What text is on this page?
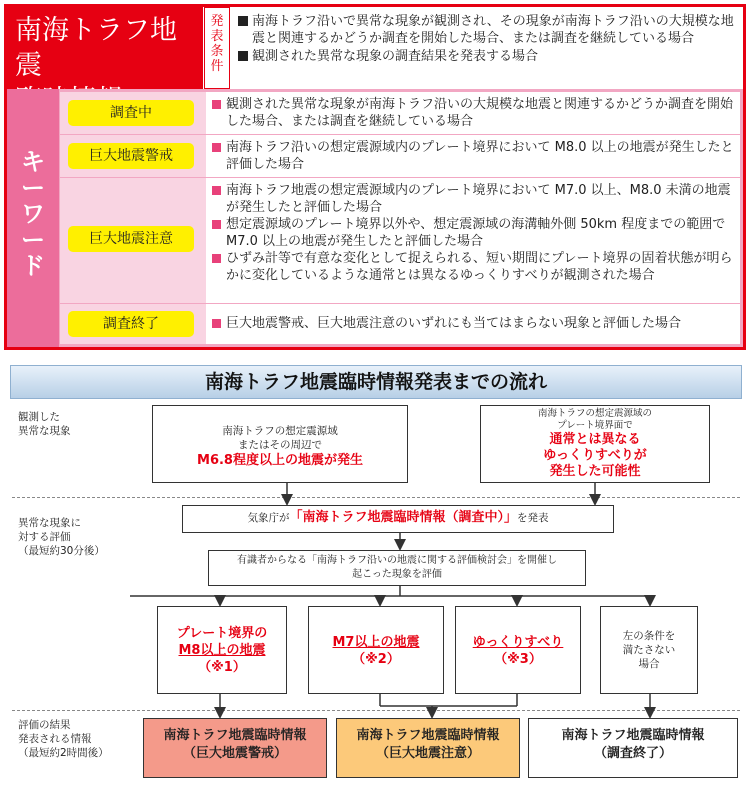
南海トラフ地震
発
表
条
件
南海トラフ沿いで異常な現象が観測され、その現象が南海トラフ沿いの大規模な地震と関連するかどうか調査を開始した場合、または調査を継続している場合
観測された異常な現象の調査結果を発表する場合
キ
ー
ワ
ー
ド
調査中
観測された異常な現象が南海トラフ沿いの大規模な地震と関連するかどうか調査を開始した場合、または調査を継続している場合
巨大地震警戒
南海トラフ沿いの想定震源域内のプレート境界において M8.0 以上の地震が発生したと評価した場合
巨大地震注意
南海トラフ地震の想定震源域内のプレート境界において M7.0 以上、M8.0 未満の地震が発生したと評価した場合
想定震源域のプレート境界以外や、想定震源域の海溝軸外側 50km 程度までの範囲で M7.0 以上の地震が発生したと評価した場合
ひずみ計等で有意な変化として捉えられる、短い期間にプレート境界の固着状態が明らかに変化しているような通常とは異なるゆっくりすべりが観測された場合
調査終了	巨大地震警戒、巨大地震注意のいずれにも当てはまらない現象と評価した場合
南海トラフ地震臨時情報発表までの流れ
観測した
異常な現象
異常な現象に
対する評価
（最短約30分後）
評価の結果
発表される情報
（最短約2時間後）
南海トラフの想定震源域
またはその周辺で
M6.8程度以上の地震が発生
南海トラフの想定震源域の
プレート境界面で
通常とは異なる
ゆっくりすべりが
発生した可能性
気象庁が「南海トラフ地震臨時情報（調査中）」を発表
有識者からなる「南海トラフ沿いの地震に関する評価検討会」を開催し
起こった現象を評価
プレート境界の
M8以上の地震
（※1）
M7以上の地震
（※2）
ゆっくりすべり
（※3）
左の条件を
満たさない
場合
南海トラフ地震臨時情報
（巨大地震警戒）
南海トラフ地震臨時情報
（巨大地震注意）
南海トラフ地震臨時情報
（調査終了）
